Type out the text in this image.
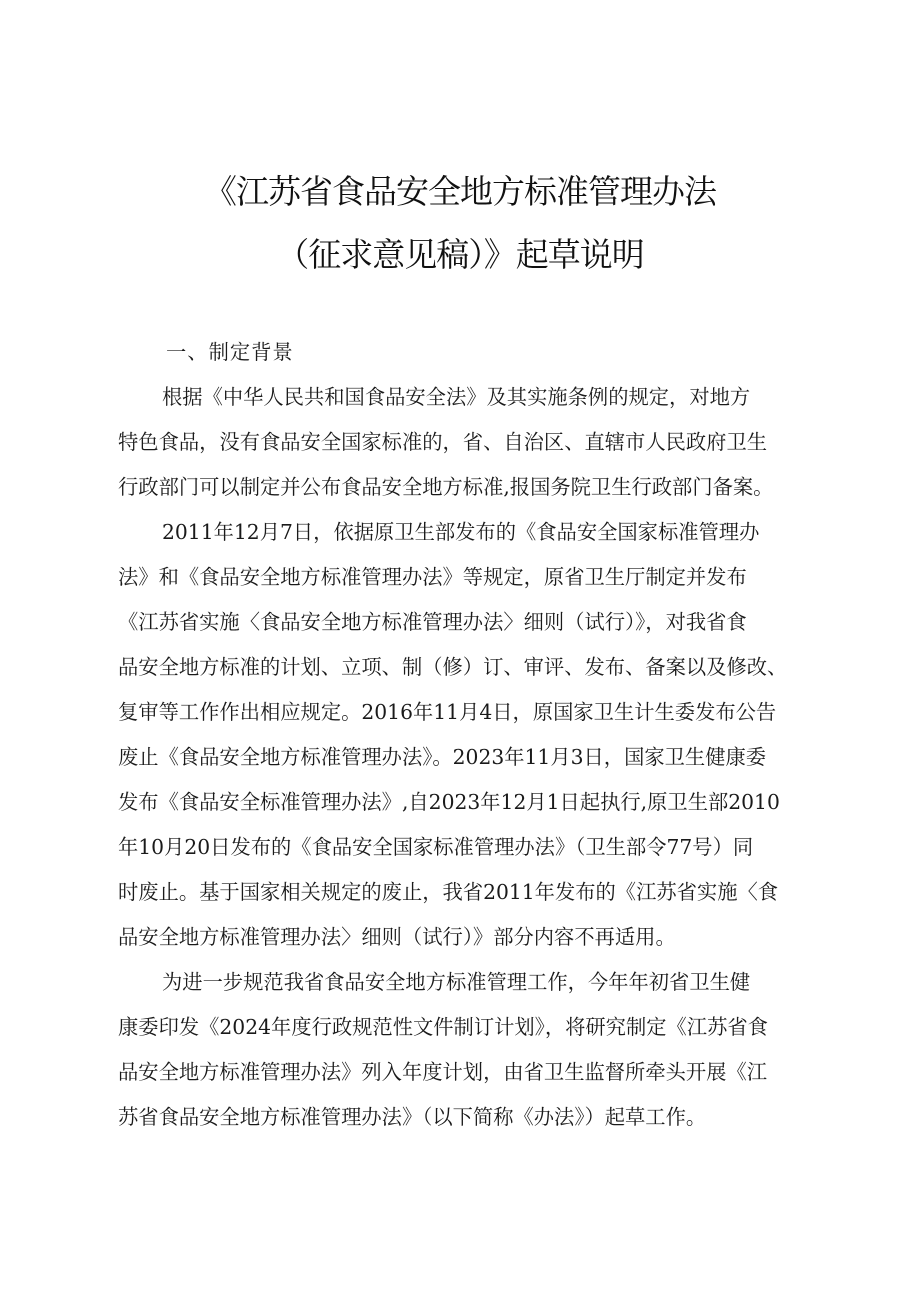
《江苏省食品安全地方标准管理办法
（征求意见稿）》起草说明
一、制定背景
根据《中华人民共和国食品安全法》及其实施条例的规定，对地方
特色食品，没有食品安全国家标准的，省、自治区、直辖市人民政府卫生
行政部门可以制定并公布食品安全地方标准,报国务院卫生行政部门备案。
2011年12月7日，依据原卫生部发布的《食品安全国家标准管理办
法》和《食品安全地方标准管理办法》等规定，原省卫生厅制定并发布
《江苏省实施〈食品安全地方标准管理办法〉细则（试行）》，对我省食
品安全地方标准的计划、立项、制（修）订、审评、发布、备案以及修改、
复审等工作作出相应规定。2016年11月4日，原国家卫生计生委发布公告
废止《食品安全地方标准管理办法》。2023年11月3日，国家卫生健康委
发布《食品安全标准管理办法》,自2023年12月1日起执行,原卫生部2010
年10月20日发布的《食品安全国家标准管理办法》（卫生部令77号）同
时废止。基于国家相关规定的废止，我省2011年发布的《江苏省实施〈食
品安全地方标准管理办法〉细则（试行）》部分内容不再适用。
为进一步规范我省食品安全地方标准管理工作，今年年初省卫生健
康委印发《2024年度行政规范性文件制订计划》，将研究制定《江苏省食
品安全地方标准管理办法》列入年度计划，由省卫生监督所牵头开展《江
苏省食品安全地方标准管理办法》（以下简称《办法》）起草工作。
